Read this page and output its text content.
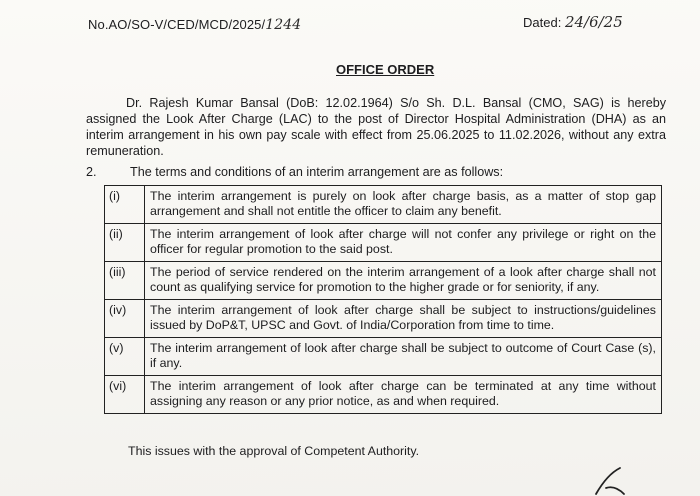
No.AO/SO-V/CED/MCD/2025/1244	Dated: 24/6/25
OFFICE ORDER
Dr. Rajesh Kumar Bansal (DoB: 12.02.1964) S/o Sh. D.L. Bansal (CMO, SAG) is hereby assigned the Look After Charge (LAC) to the post of Director Hospital Administration (DHA) as an interim arrangement in his own pay scale with effect from 25.06.2025 to 11.02.2026, without any extra remuneration.
2.	The terms and conditions of an interim arrangement are as follows:
(i)	The interim arrangement is purely on look after charge basis, as a matter of stop gap arrangement and shall not entitle the officer to claim any benefit.
(ii)	The interim arrangement of look after charge will not confer any privilege or right on the officer for regular promotion to the said post.
(iii)	The period of service rendered on the interim arrangement of a look after charge shall not count as qualifying service for promotion to the higher grade or for seniority, if any.
(iv)	The interim arrangement of look after charge shall be subject to instructions/guidelines issued by DoP&T, UPSC and Govt. of India/Corporation from time to time.
(v)	The interim arrangement of look after charge shall be subject to outcome of Court Case (s), if any.
(vi)	The interim arrangement of look after charge can be terminated at any time without assigning any reason or any prior notice, as and when required.
This issues with the approval of Competent Authority.
